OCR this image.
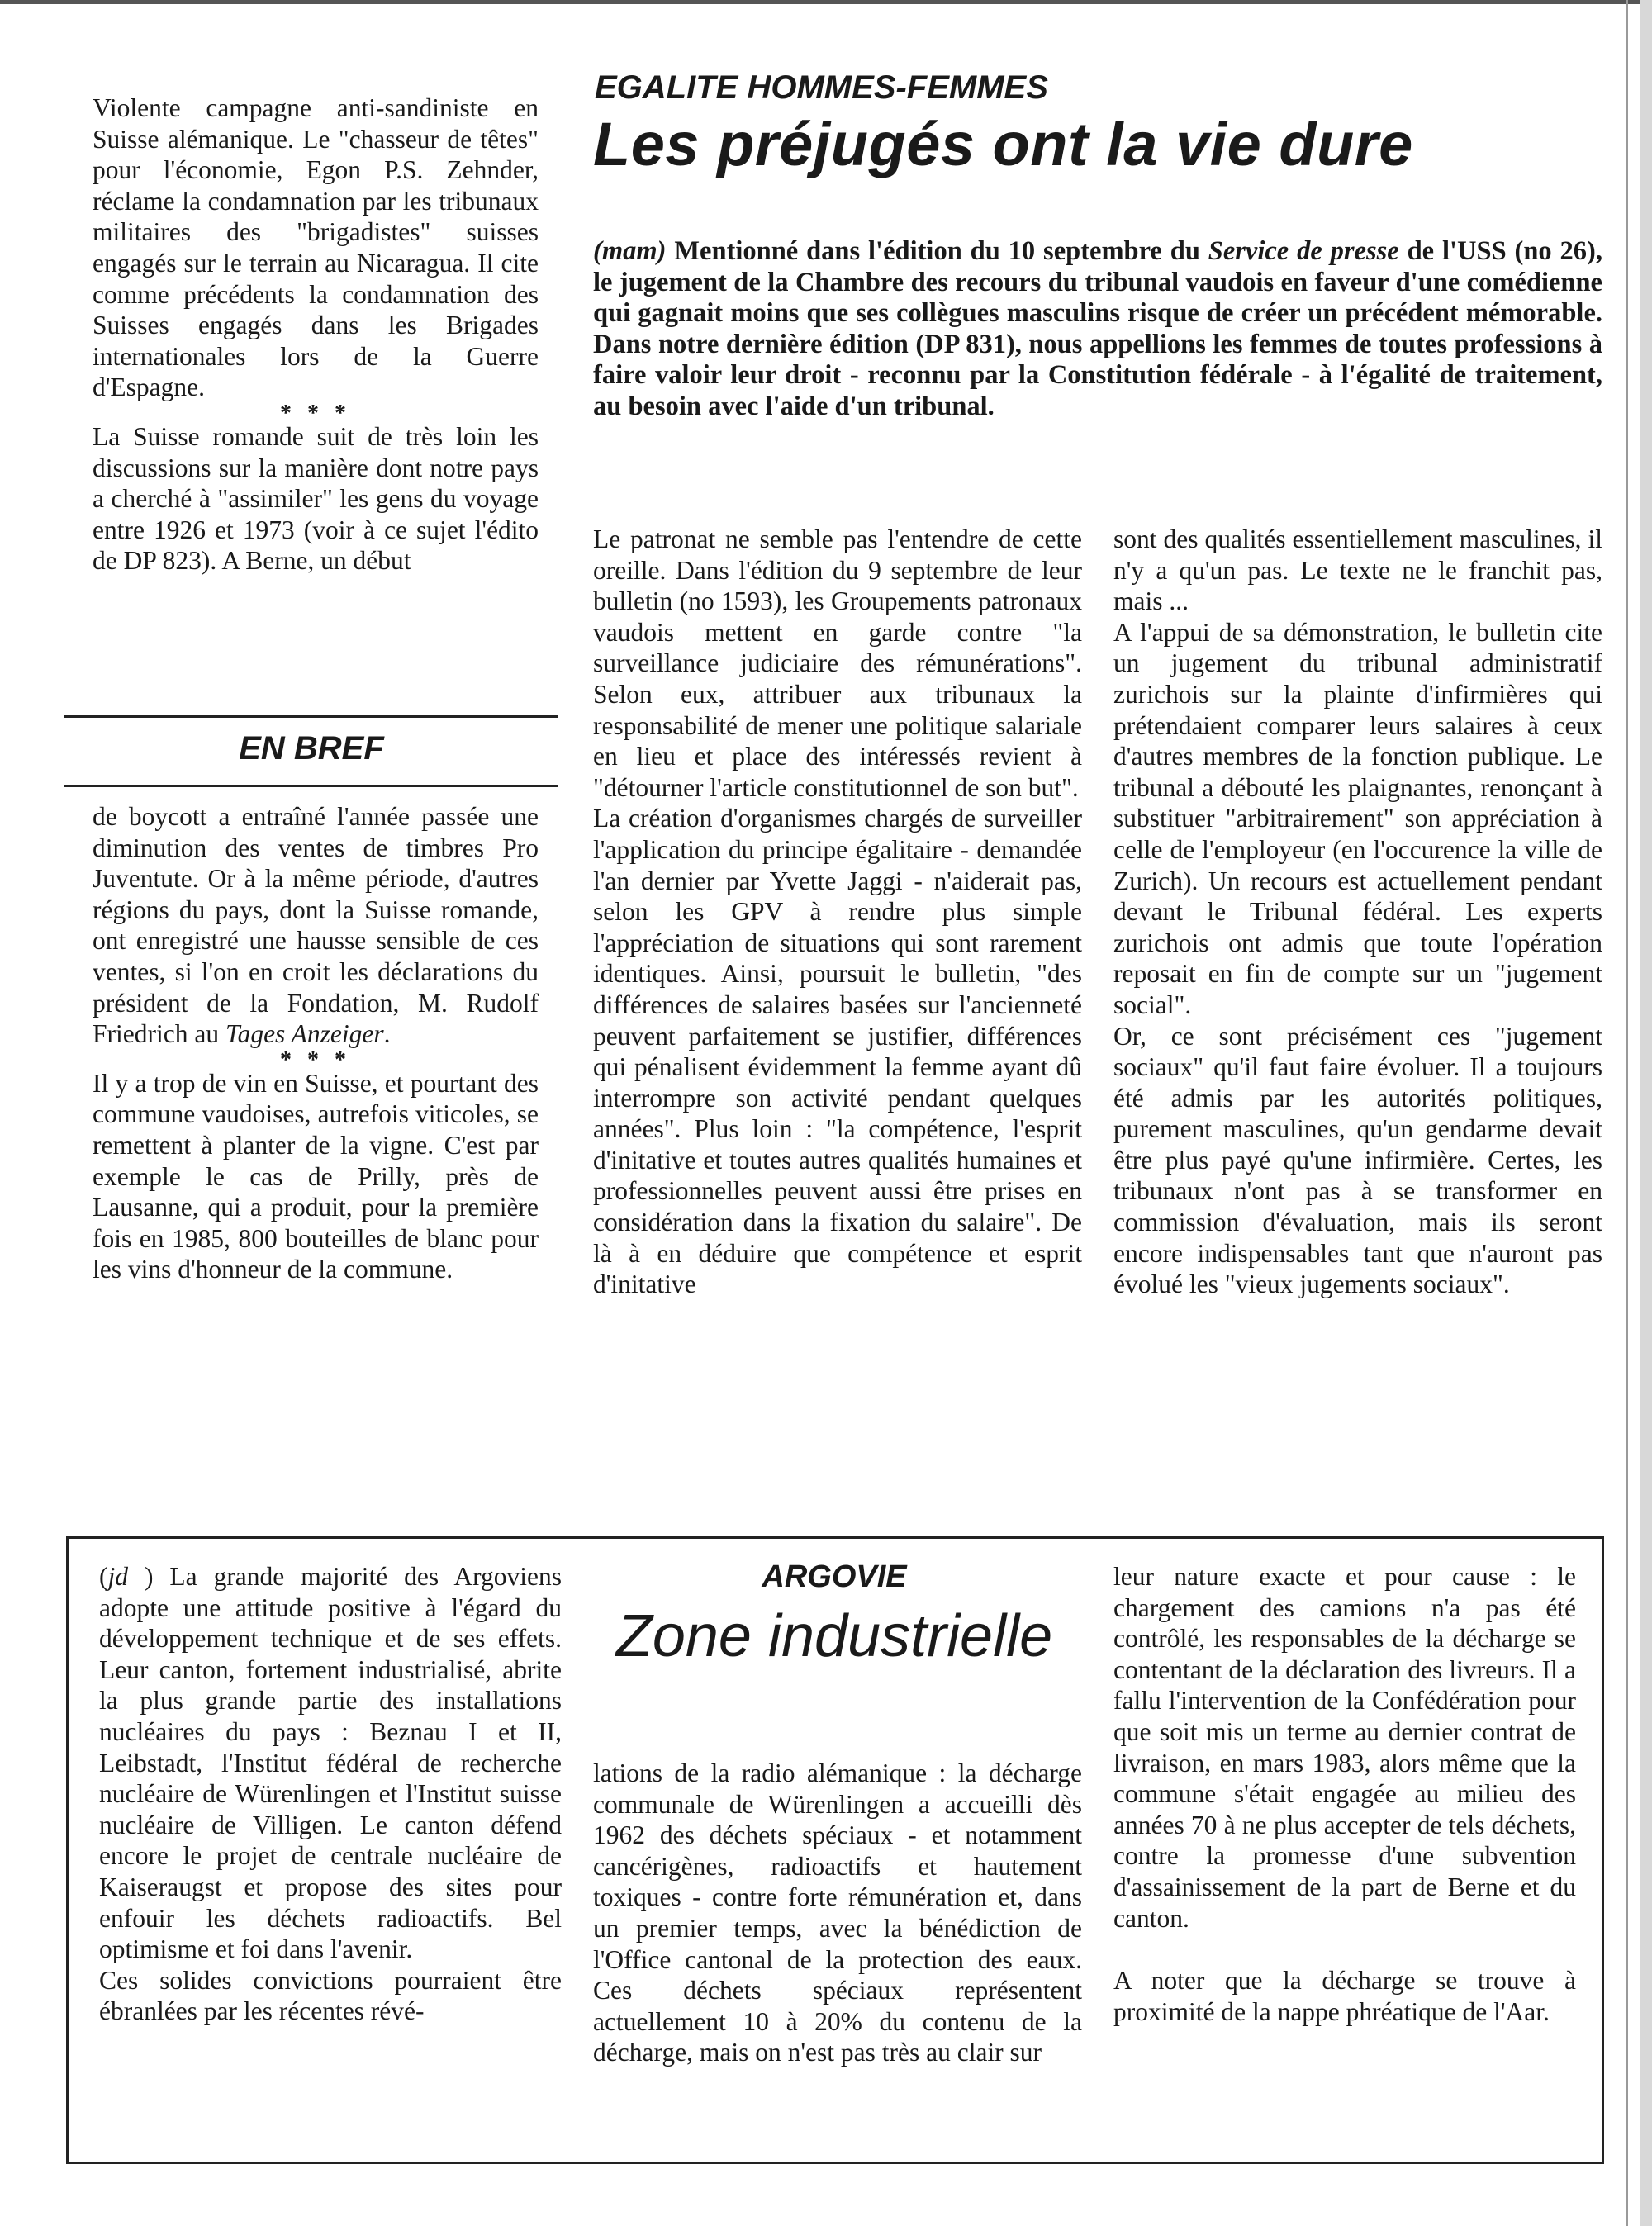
Violente campagne anti-sandiniste en Suisse alémanique. Le "chasseur de têtes" pour l'économie, Egon P.S. Zehnder, réclame la condamnation par les tribunaux militaires des "brigadistes" suisses engagés sur le terrain au Nicaragua. Il cite comme précédents la condamnation des Suisses engagés dans les Brigades internationales lors de la Guerre d'Espagne.

* * *

La Suisse romande suit de très loin les discussions sur la manière dont notre pays a cherché à "assimiler" les gens du voyage entre 1926 et 1973 (voir à ce sujet l'édito de DP 823). A Berne, un début

EN BREF

de boycott a entraîné l'année passée une diminution des ventes de timbres Pro Juventute. Or à la même période, d'autres régions du pays, dont la Suisse romande, ont enregistré une hausse sensible de ces ventes, si l'on en croit les déclarations du président de la Fondation, M. Rudolf Friedrich au Tages Anzeiger.

* * *

Il y a trop de vin en Suisse, et pourtant des commune vaudoises, autrefois viticoles, se remettent à planter de la vigne. C'est par exemple le cas de Prilly, près de Lausanne, qui a produit, pour la première fois en 1985, 800 bouteilles de blanc pour les vins d'honneur de la commune.

EGALITE HOMMES-FEMMES
Les préjugés ont la vie dure

(mam) Mentionné dans l'édition du 10 septembre du Service de presse de l'USS (no 26), le jugement de la Chambre des recours du tribunal vaudois en faveur d'une comédienne qui gagnait moins que ses collègues masculins risque de créer un précédent mémorable. Dans notre dernière édition (DP 831), nous appellions les femmes de toutes professions à faire valoir leur droit - reconnu par la Constitution fédérale - à l'égalité de traitement, au besoin avec l'aide d'un tribunal.

Le patronat ne semble pas l'entendre de cette oreille. Dans l'édition du 9 septembre de leur bulletin (no 1593), les Groupements patronaux vaudois mettent en garde contre "la surveillance judiciaire des rémunérations". Selon eux, attribuer aux tribunaux la responsabilité de mener une politique salariale en lieu et place des intéressés revient à "détourner l'article constitutionnel de son but".

La création d'organismes chargés de surveiller l'application du principe égalitaire - demandée l'an dernier par Yvette Jaggi - n'aiderait pas, selon les GPV à rendre plus simple l'appréciation de situations qui sont rarement identiques. Ainsi, poursuit le bulletin, "des différences de salaires basées sur l'ancienneté peuvent parfaitement se justifier, différences qui pénalisent évidemment la femme ayant dû interrompre son activité pendant quelques années". Plus loin : "la compétence, l'esprit d'initative et toutes autres qualités humaines et professionnelles peuvent aussi être prises en considération dans la fixation du salaire". De là à en déduire que compétence et esprit d'initative

sont des qualités essentiellement masculines, il n'y a qu'un pas. Le texte ne le franchit pas, mais ...

A l'appui de sa démonstration, le bulletin cite un jugement du tribunal administratif zurichois sur la plainte d'infirmières qui prétendaient comparer leurs salaires à ceux d'autres membres de la fonction publique. Le tribunal a débouté les plaignantes, renonçant à substituer "arbitrairement" son appréciation à celle de l'employeur (en l'occurence la ville de Zurich). Un recours est actuellement pendant devant le Tribunal fédéral. Les experts zurichois ont admis que toute l'opération reposait en fin de compte sur un "jugement social".

Or, ce sont précisément ces "jugement sociaux" qu'il faut faire évoluer. Il a toujours été admis par les autorités politiques, purement masculines, qu'un gendarme devait être plus payé qu'une infirmière. Certes, les tribunaux n'ont pas à se transformer en commission d'évaluation, mais ils seront encore indispensables tant que n'auront pas évolué les "vieux jugements sociaux".

(jd ) La grande majorité des Argoviens adopte une attitude positive à l'égard du développement technique et de ses effets. Leur canton, fortement industrialisé, abrite la plus grande partie des installations nucléaires du pays : Beznau I et II, Leibstadt, l'Institut fédéral de recherche nucléaire de Würenlingen et l'Institut suisse nucléaire de Villigen. Le canton défend encore le projet de centrale nucléaire de Kaiseraugst et propose des sites pour enfouir les déchets radioactifs. Bel optimisme et foi dans l'avenir.

Ces solides convictions pourraient être ébranlées par les récentes révé-

ARGOVIE
Zone industrielle

lations de la radio alémanique : la décharge communale de Würenlingen a accueilli dès 1962 des déchets spéciaux - et notamment cancérigènes, radioactifs et hautement toxiques - contre forte rémunération et, dans un premier temps, avec la bénédiction de l'Office cantonal de la protection des eaux. Ces déchets spéciaux représentent actuellement 10 à 20% du contenu de la décharge, mais on n'est pas très au clair sur

leur nature exacte et pour cause : le chargement des camions n'a pas été contrôlé, les responsables de la décharge se contentant de la déclaration des livreurs. Il a fallu l'intervention de la Confédération pour que soit mis un terme au dernier contrat de livraison, en mars 1983, alors même que la commune s'était engagée au milieu des années 70 à ne plus accepter de tels déchets, contre la promesse d'une subvention d'assainissement de la part de Berne et du canton.

A noter que la décharge se trouve à proximité de la nappe phréatique de l'Aar.
